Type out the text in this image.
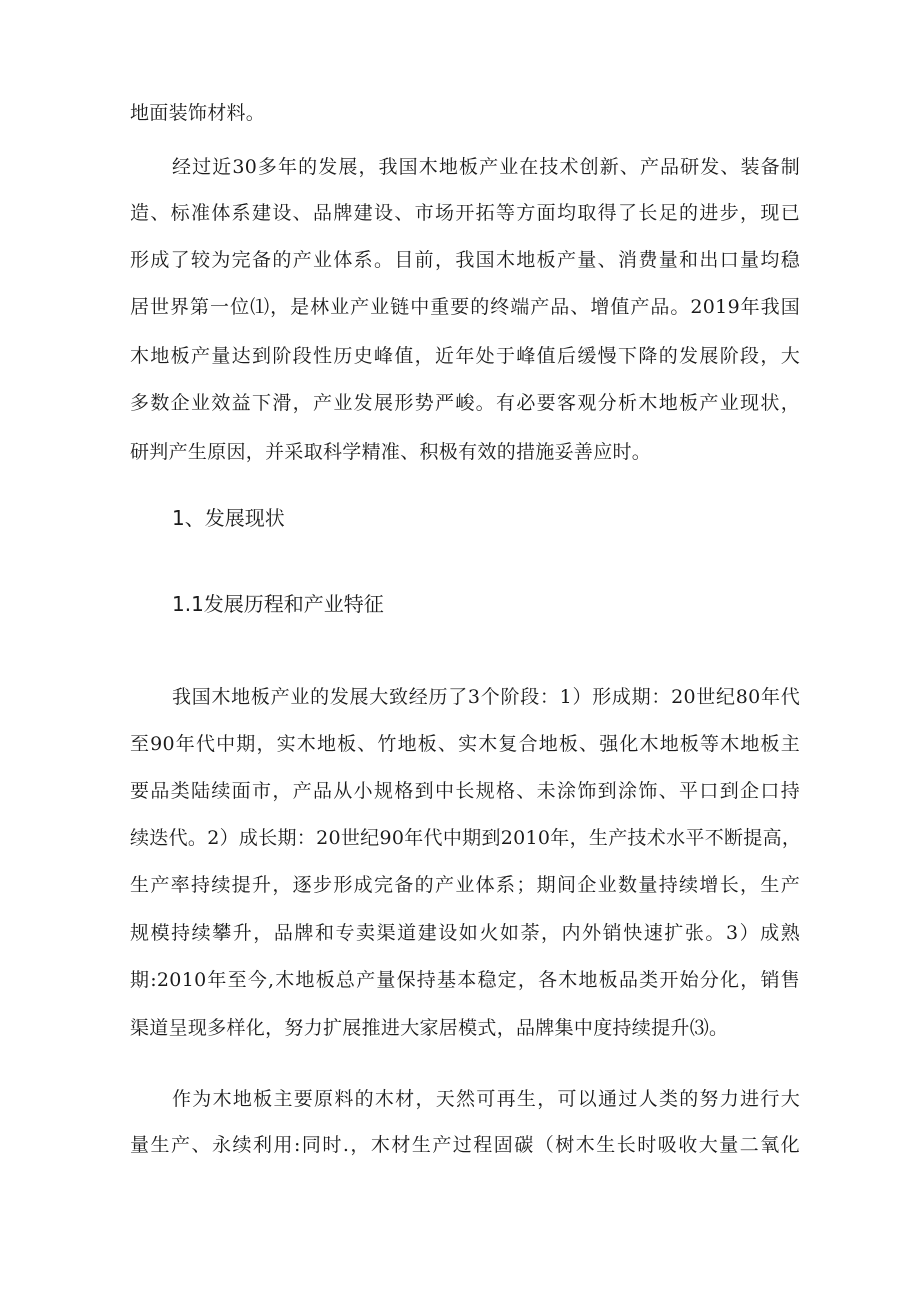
地面装饰材料。
经过近30多年的发展，我国木地板产业在技术创新、产品研发、装备制
造、标准体系建设、品牌建设、市场开拓等方面均取得了长足的进步，现已
形成了较为完备的产业体系。目前，我国木地板产量、消费量和出口量均稳
居世界第一位⑴，是林业产业链中重要的终端产品、增值产品。2019年我国
木地板产量达到阶段性历史峰值，近年处于峰值后缓慢下降的发展阶段，大
多数企业效益下滑，产业发展形势严峻。有必要客观分析木地板产业现状，
研判产生原因，并采取科学精准、积极有效的措施妥善应时。
1、发展现状
1.1发展历程和产业特征
我国木地板产业的发展大致经历了3个阶段：1）形成期：20世纪80年代
至90年代中期，实木地板、竹地板、实木复合地板、强化木地板等木地板主
要品类陆续面市，产品从小规格到中长规格、未涂饰到涂饰、平口到企口持
续迭代。2）成长期：20世纪90年代中期到2010年，生产技术水平不断提高，
生产率持续提升，逐步形成完备的产业体系；期间企业数量持续增长，生产
规模持续攀升，品牌和专卖渠道建设如火如荼，内外销快速扩张。3）成熟
期:2010年至今,木地板总产量保持基本稳定，各木地板品类开始分化，销售
渠道呈现多样化，努力扩展推进大家居模式，品牌集中度持续提升⑶。
作为木地板主要原料的木材，天然可再生，可以通过人类的努力进行大
量生产、永续利用:同时.，木材生产过程固碳（树木生长时吸收大量二氧化
